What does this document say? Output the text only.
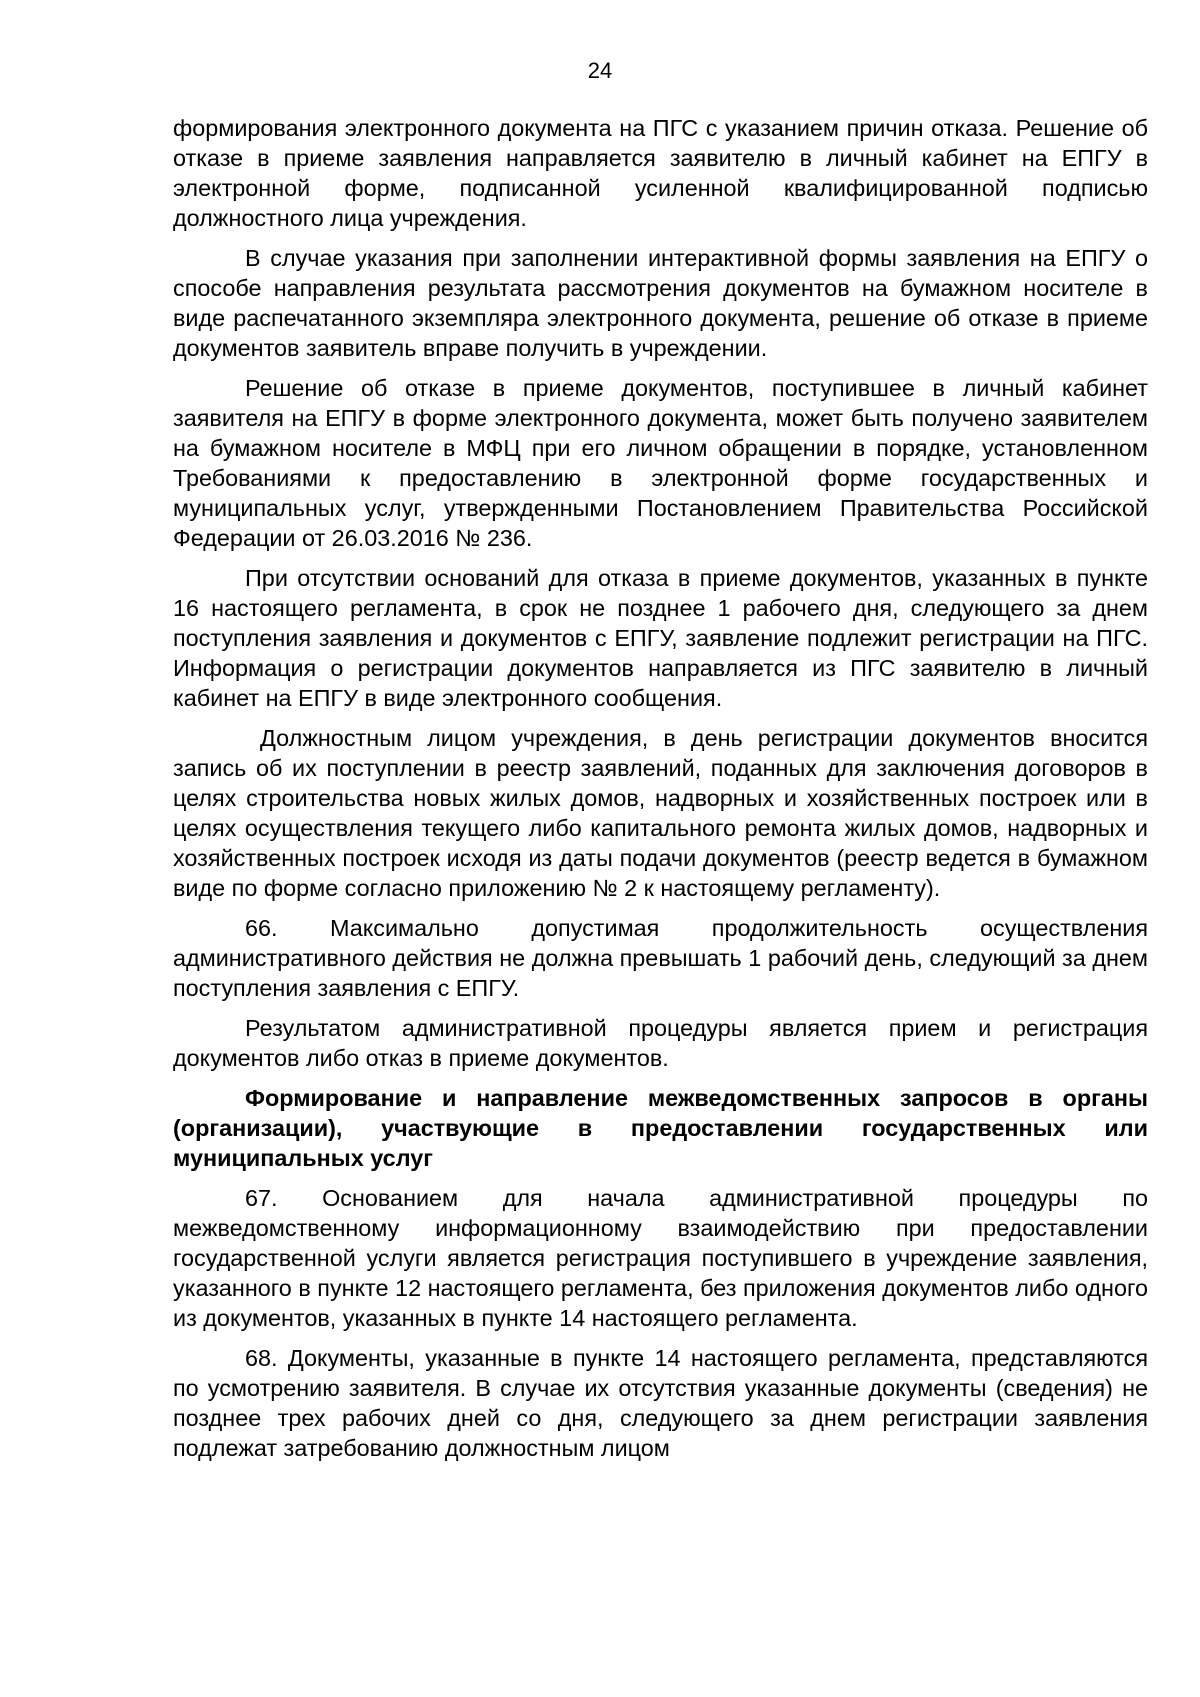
24

формирования электронного документа на ПГС с указанием причин отказа. Решение об отказе в приеме заявления направляется заявителю в личный кабинет на ЕПГУ в электронной форме, подписанной усиленной квалифицированной подписью должностного лица учреждения.

В случае указания при заполнении интерактивной формы заявления на ЕПГУ о способе направления результата рассмотрения документов на бумажном носителе в виде распечатанного экземпляра электронного документа, решение об отказе в приеме документов заявитель вправе получить в учреждении.

Решение об отказе в приеме документов, поступившее в личный кабинет заявителя на ЕПГУ в форме электронного документа, может быть получено заявителем на бумажном носителе в МФЦ при его личном обращении в порядке, установленном Требованиями к предоставлению в электронной форме государственных и муниципальных услуг, утвержденными Постановлением Правительства Российской Федерации от 26.03.2016 № 236.

При отсутствии оснований для отказа в приеме документов, указанных в пункте 16 настоящего регламента, в срок не позднее 1 рабочего дня, следующего за днем поступления заявления и документов с ЕПГУ, заявление подлежит регистрации на ПГС. Информация о регистрации документов направляется из ПГС заявителю в личный кабинет на ЕПГУ в виде электронного сообщения.

Должностным лицом учреждения, в день регистрации документов вносится запись об их поступлении в реестр заявлений, поданных для заключения договоров в целях строительства новых жилых домов, надворных и хозяйственных построек или в целях осуществления текущего либо капитального ремонта жилых домов, надворных и хозяйственных построек исходя из даты подачи документов (реестр ведется в бумажном виде по форме согласно приложению № 2 к настоящему регламенту).

66. Максимально допустимая продолжительность осуществления административного действия не должна превышать 1 рабочий день, следующий за днем поступления заявления с ЕПГУ.

Результатом административной процедуры является прием и регистрация документов либо отказ в приеме документов.

Формирование и направление межведомственных запросов в органы (организации), участвующие в предоставлении государственных или муниципальных услуг

67. Основанием для начала административной процедуры по межведомственному информационному взаимодействию при предоставлении государственной услуги является регистрация поступившего в учреждение заявления, указанного в пункте 12 настоящего регламента, без приложения документов либо одного из документов, указанных в пункте 14 настоящего регламента.

68. Документы, указанные в пункте 14 настоящего регламента, представляются по усмотрению заявителя. В случае их отсутствия указанные документы (сведения) не позднее трех рабочих дней со дня, следующего за днем регистрации заявления подлежат затребованию должностным лицом
